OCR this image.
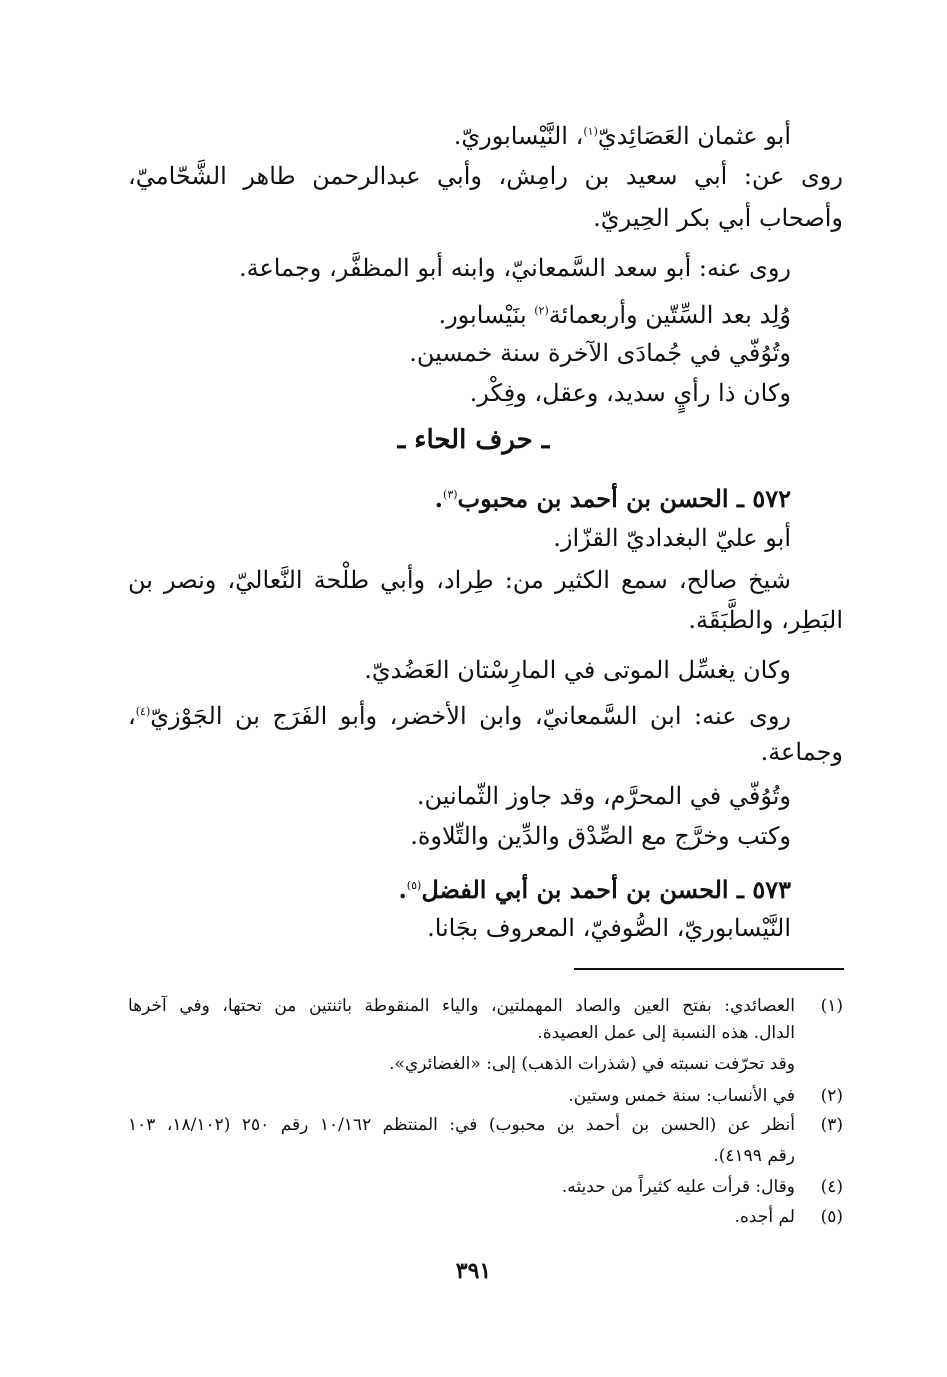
أبو عثمان العَصَائِديّ$^{(١)}$، النَّيْسابوريّ.
روى عن: أبي سعيد بن رامِش، وأبي عبدالرحمن طاهر الشَّحّاميّ،
وأصحاب أبي بكر الحِيريّ.
روى عنه: أبو سعد السَّمعانيّ، وابنه أبو المظفَّر، وجماعة.
وُلِد بعد السِّتّين وأربعمائة$^{(٢)}$ بنَيْسابور.
وتُوُفّي في جُمادَى الآخرة سنة خمسين.
وكان ذا رأيٍ سديد، وعقل، وفِكْر.
ـ حرف الحاء ـ
٥٧٢ ـ الحسن بن أحمد بن محبوب$^{(٣)}$.
أبو عليّ البغداديّ القزّاز.
شيخ صالح، سمع الكثير من: طِراد، وأبي طلْحة النَّعاليّ، ونصر بن
البَطِر، والطَّبَقَة.
وكان يغسِّل الموتى في المارِسْتان العَضُديّ.
روى عنه: ابن السَّمعانيّ، وابن الأخضر، وأبو الفَرَج بن الجَوْزيّ$^{(٤)}$،
وجماعة.
وتُوُفّي في المحرَّم، وقد جاوز الثّمانين.
وكتب وخرَّج مع الصِّدْق والدِّين والتِّلاوة.
٥٧٣ ـ الحسن بن أحمد بن أبي الفضل$^{(٥)}$.
النَّيْسابوريّ، الصُّوفيّ، المعروف بجَانا.
(١)العصائدي: بفتح العين والصاد المهملتين، والياء المنقوطة باثنتين من تحتها، وفي آخرها
الدال. هذه النسبة إلى عمل العصيدة.
وقد تحرّفت نسبته في (شذرات الذهب) إلى: «الغضائري».
(٢)في الأنساب: سنة خمس وستين.
(٣)أنظر عن (الحسن بن أحمد بن محبوب) في: المنتظم ١٠/١٦٢ رقم ٢٥٠ (١٨/١٠٢، ١٠٣
رقم ٤١٩٩).
(٤)وقال: قرأت عليه كثيراً من حديثه.
(٥)لم أجده.
٣٩١
